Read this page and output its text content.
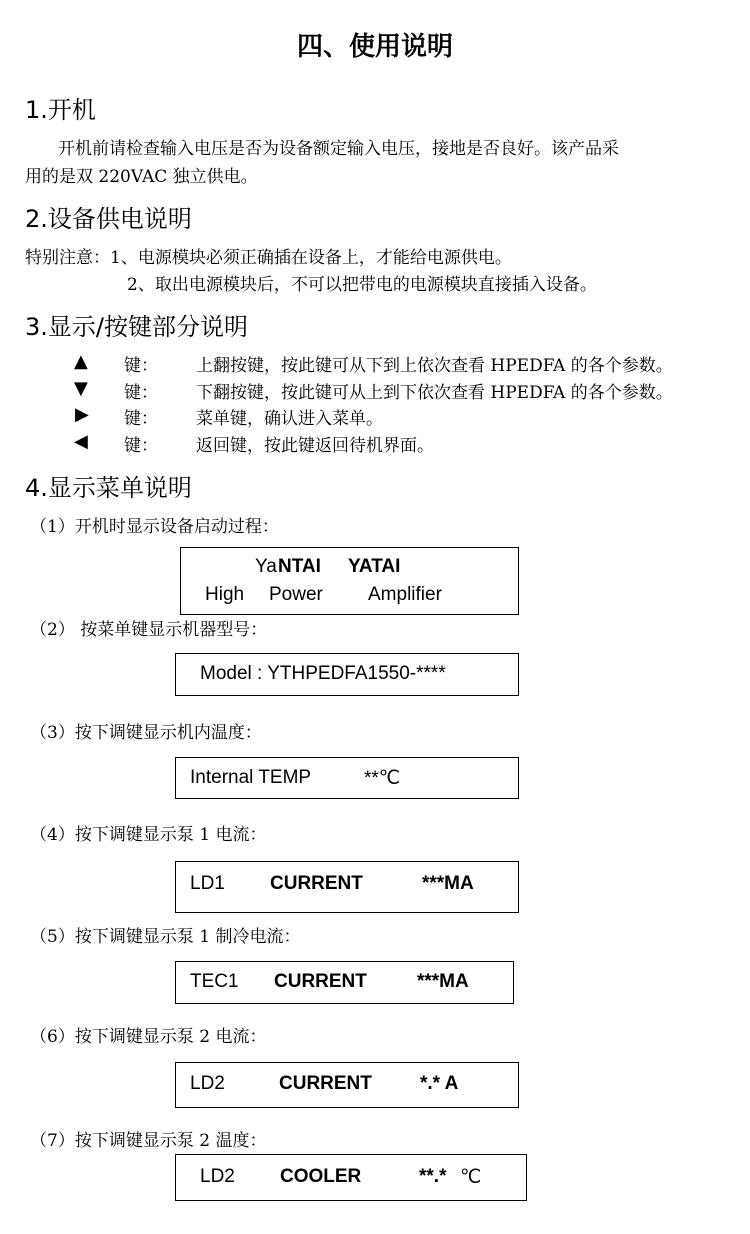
四、使用说明
1.开机
开机前请检查输入电压是否为设备额定输入电压，接地是否良好。该产品采
用的是双 220VAC 独立供电。
2.设备供电说明
特别注意： 1、电源模块必须正确插在设备上，才能给电源供电。
2、取出电源模块后，不可以把带电的电源模块直接插入设备。
3.显示/按键部分说明
▲ 键： 上翻按键，按此键可从下到上依次查看 HPEDFA 的各个参数。
▼ 键： 下翻按键，按此键可从上到下依次查看 HPEDFA 的各个参数。
▶ 键： 菜单键，确认进入菜单。
◀ 键： 返回键，按此键返回待机界面。
4.显示菜单说明
（1）开机时显示设备启动过程：
Ya NTAI YATAI
High Power Amplifier
（2） 按菜单键显示机器型号：
Model : YTHPEDFA1550-****
（3）按下调键显示机内温度：
Internal TEMP	**℃
（4）按下调键显示泵 1 电流：
LD1 CURRENT	***MA
（5）按下调键显示泵 1 制冷电流：
TEC1 CURRENT	***MA
（6）按下调键显示泵 2 电流：
LD2	CURRENT	*.* A
（7）按下调键显示泵 2 温度：
LD2 COOLER	**.* ℃
